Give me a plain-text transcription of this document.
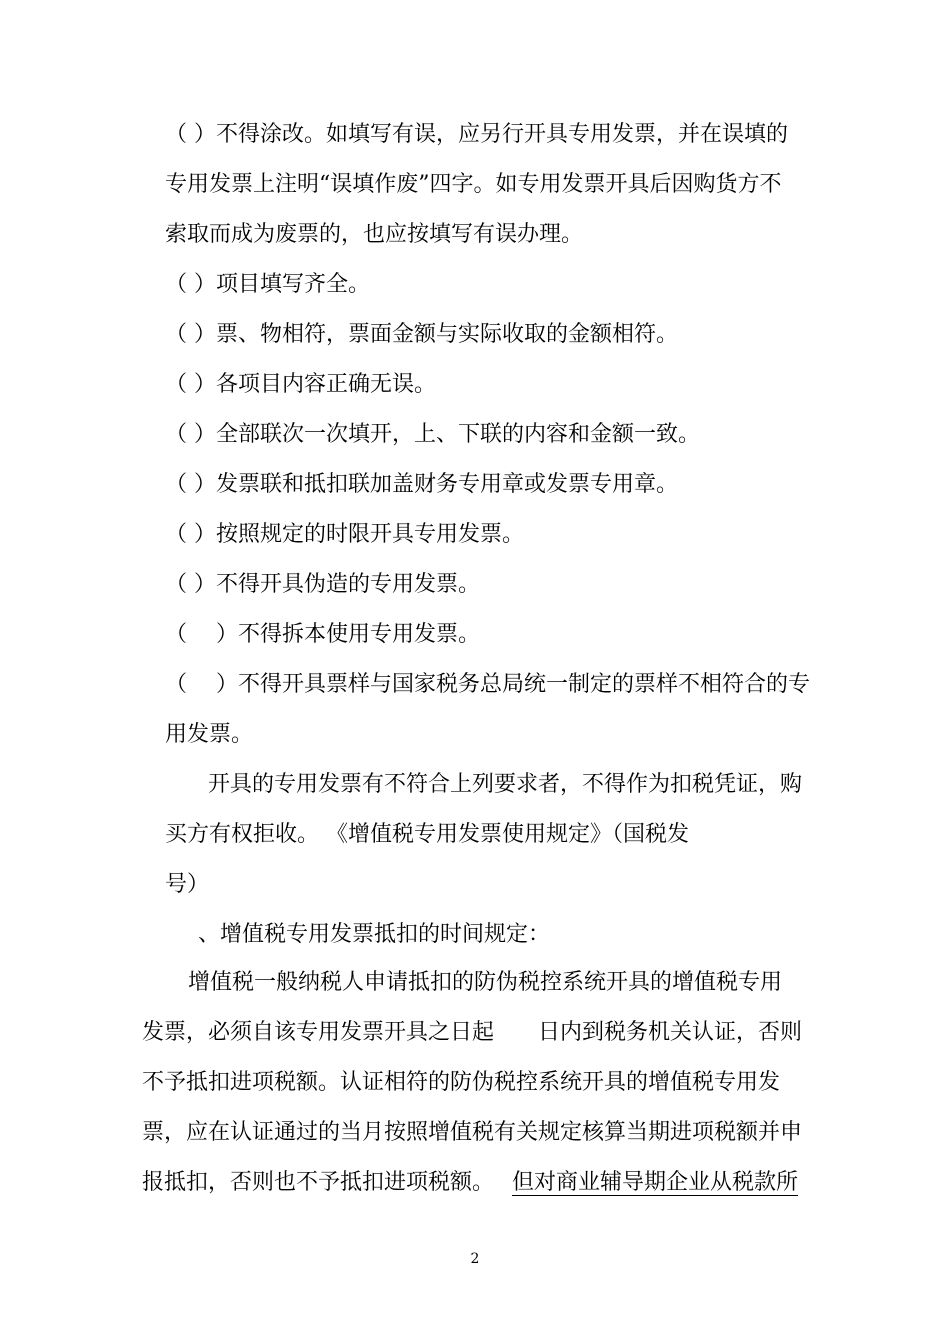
（ ）不得涂改。如填写有误，应另行开具专用发票，并在误填的
专用发票上注明“误填作废”四字。如专用发票开具后因购货方不
索取而成为废票的，也应按填写有误办理。
（ ）项目填写齐全。
（ ）票、物相符，票面金额与实际收取的金额相符。
（ ）各项目内容正确无误。
（ ）全部联次一次填开，上、下联的内容和金额一致。
（ ）发票联和抵扣联加盖财务专用章或发票专用章。
（ ）按照规定的时限开具专用发票。
（ ）不得开具伪造的专用发票。
（　 ）不得拆本使用专用发票。
（　 ）不得开具票样与国家税务总局统一制定的票样不相符合的专
用发票。
开具的专用发票有不符合上列要求者，不得作为扣税凭证，购
买方有权拒收。 《增值税专用发票使用规定》（国税发
号）
、增值税专用发票抵扣的时间规定：
增值税一般纳税人申请抵扣的防伪税控系统开具的增值税专用
发票，必须自该专用发票开具之日起　　日内到税务机关认证，否则
不予抵扣进项税额。认证相符的防伪税控系统开具的增值税专用发
票，应在认证通过的当月按照增值税有关规定核算当期进项税额并申
报抵扣，否则也不予抵扣进项税额。 但对商业辅导期企业从税款所
2
